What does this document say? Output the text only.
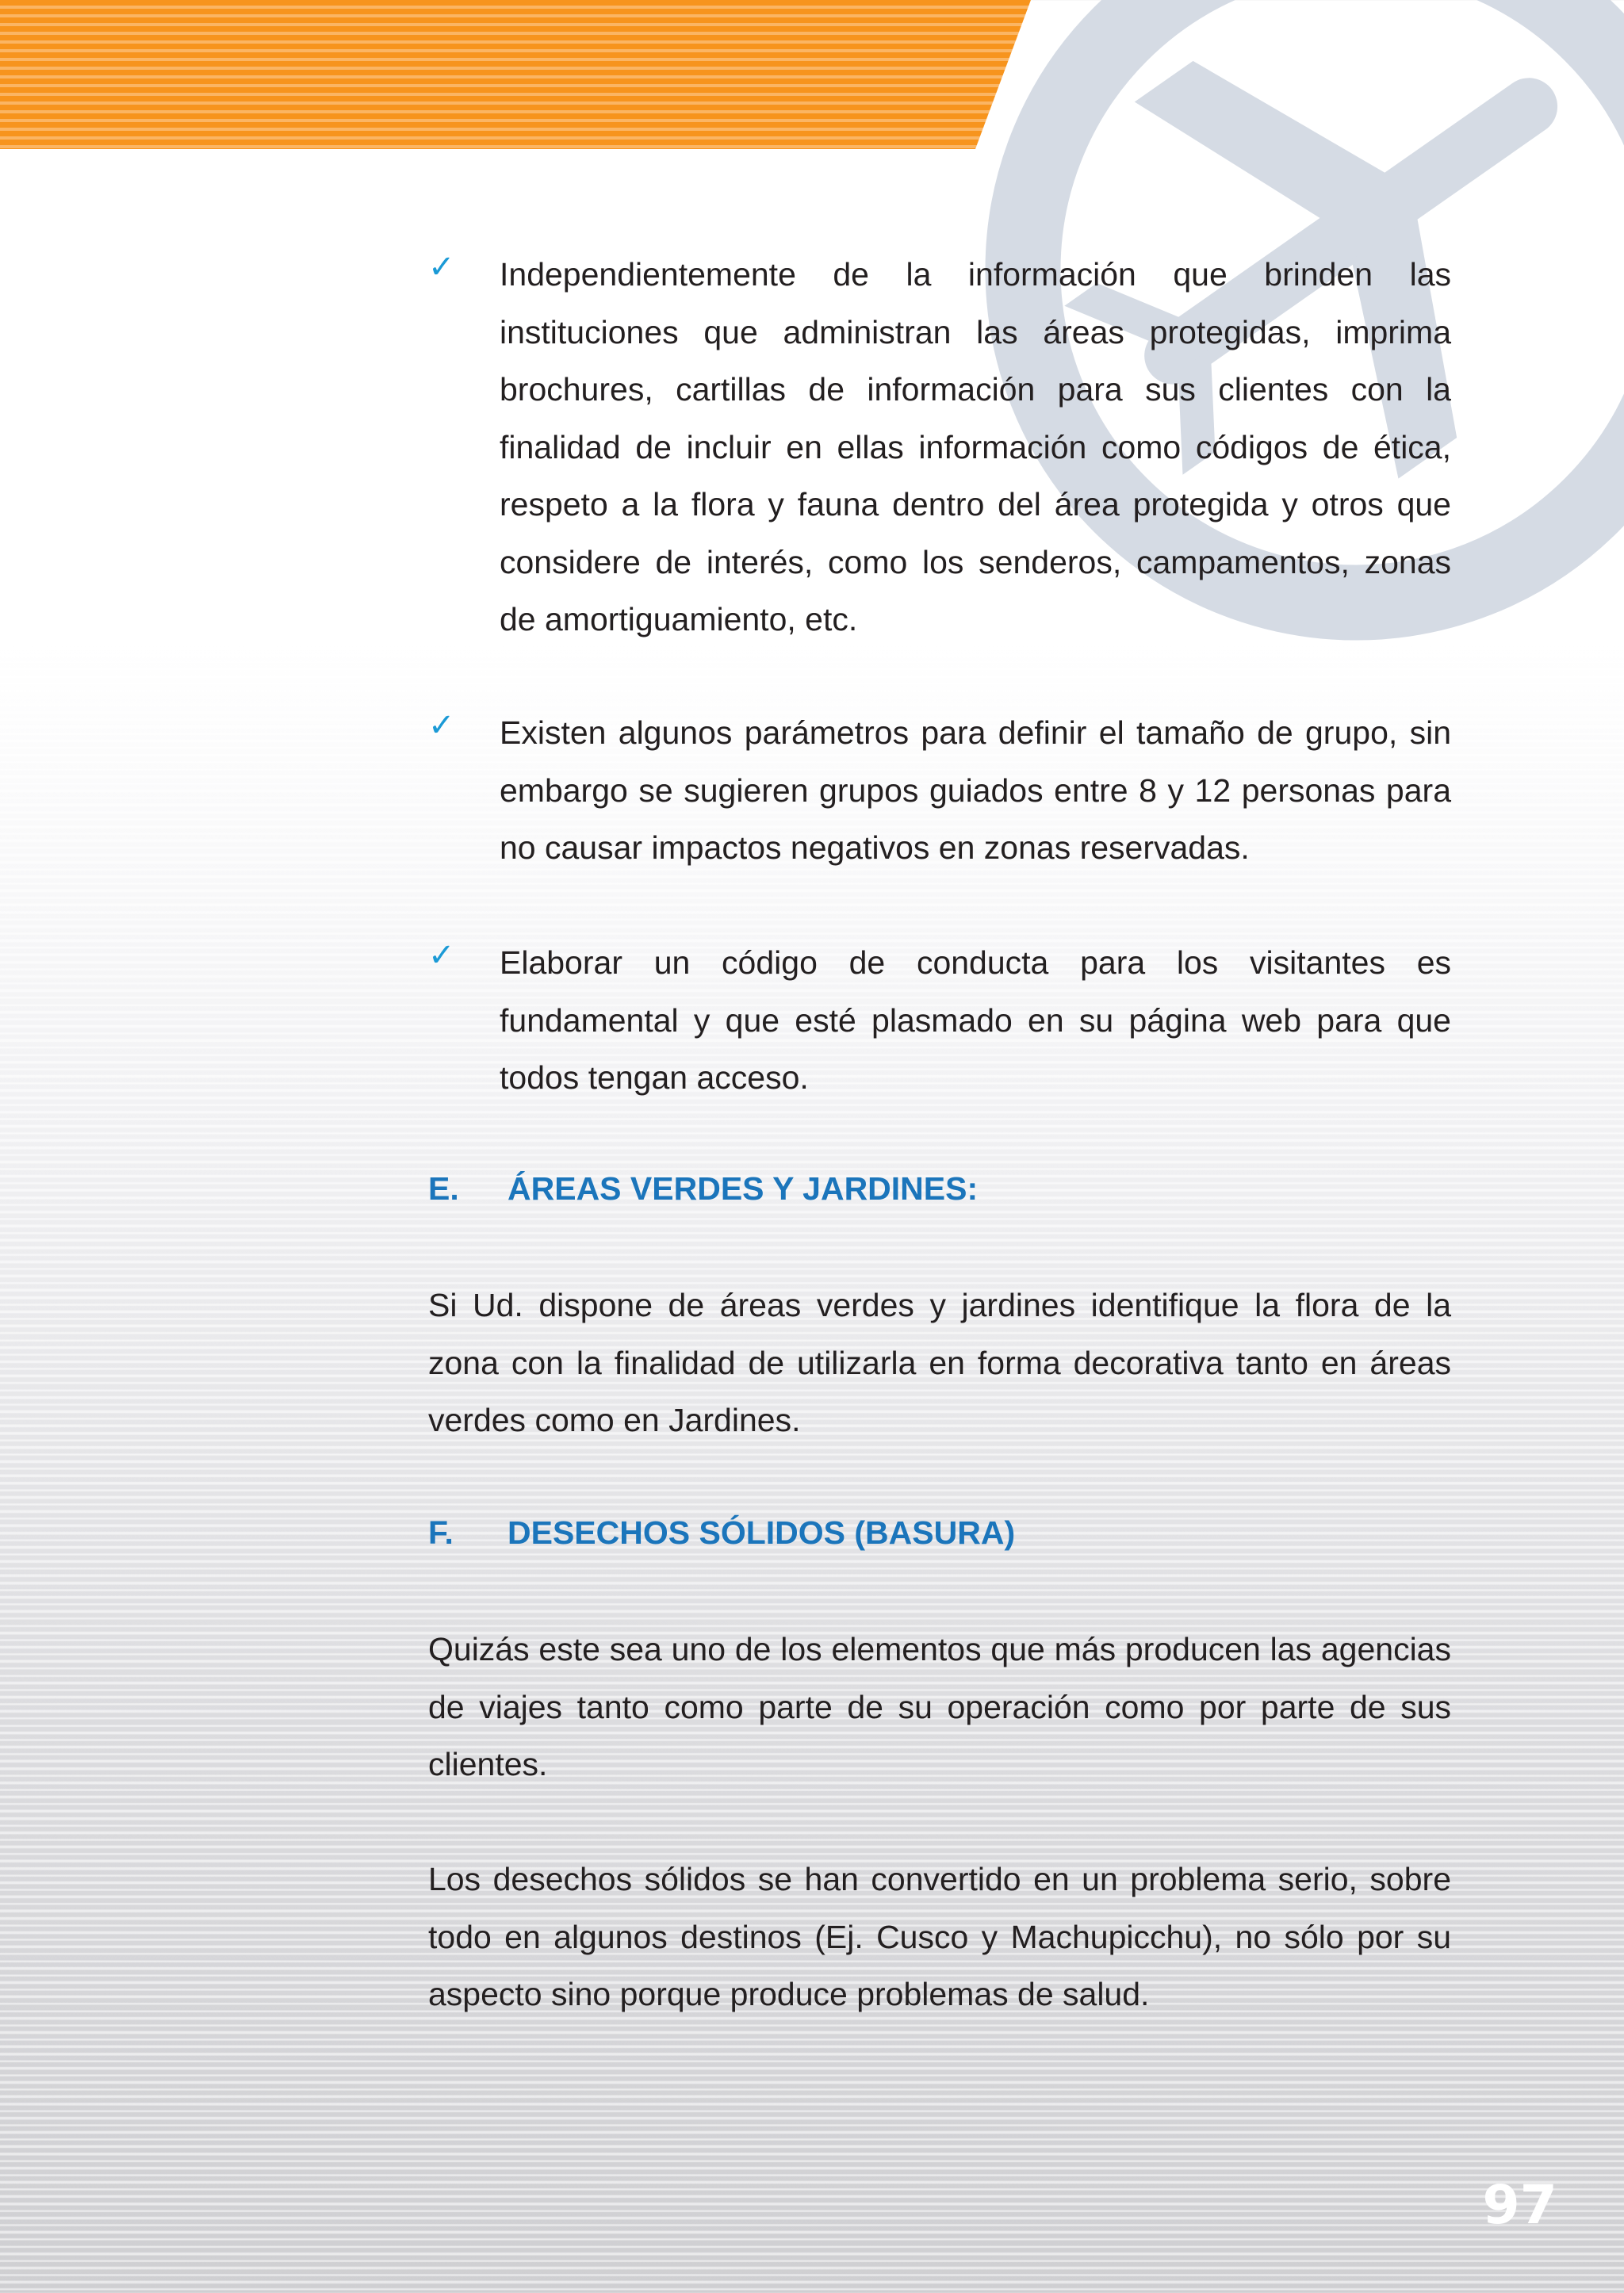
✓ Independientemente de la información que brinden las instituciones que administran las áreas protegidas, imprima brochures, cartillas de información para sus clientes con la finalidad de incluir en ellas información como códigos de ética, respeto a la flora y fauna dentro del área protegida y otros que considere de interés, como los senderos, campamentos, zonas de amortiguamiento, etc.

✓ Existen algunos parámetros para definir el tamaño de grupo, sin embargo se sugieren grupos guiados entre 8 y 12 personas para no causar impactos negativos en zonas reservadas.

✓ Elaborar un código de conducta para los visitantes es fundamental y que esté plasmado en su página web para que todos tengan acceso.

E. ÁREAS VERDES Y JARDINES:

Si Ud. dispone de áreas verdes y jardines identifique la flora de la zona con la finalidad de utilizarla en forma decorativa tanto en áreas verdes como en Jardines.

F. DESECHOS SÓLIDOS (BASURA)

Quizás este sea uno de los elementos que más producen las agencias de viajes tanto como parte de su operación como por parte de sus clientes.

Los desechos sólidos se han convertido en un problema serio, sobre todo en algunos destinos (Ej. Cusco y Machupicchu), no sólo por su aspecto sino porque produce problemas de salud.

97
